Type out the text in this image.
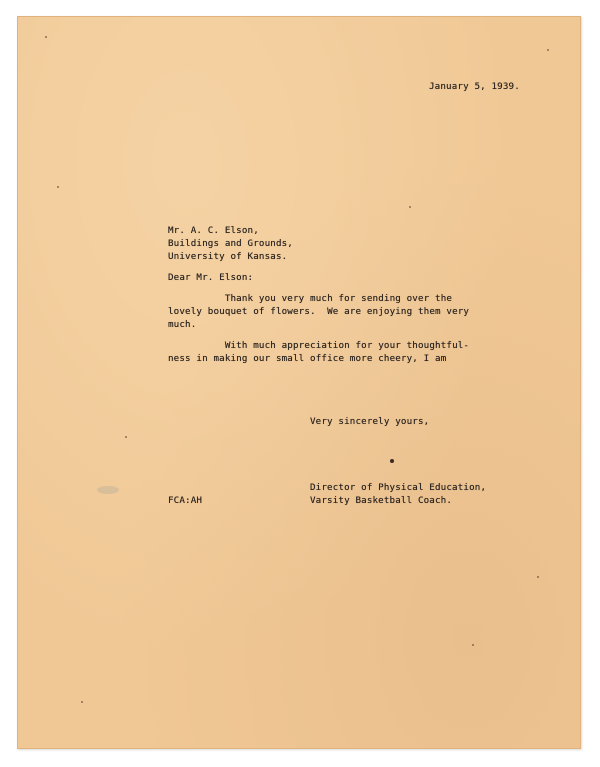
January 5, 1939.
Mr. A. C. Elson,
Buildings and Grounds,
University of Kansas.
Dear Mr. Elson:
Thank you very much for sending over the
lovely bouquet of flowers.  We are enjoying them very
much.
With much appreciation for your thoughtful-
ness in making our small office more cheery, I am
Very sincerely yours,
Director of Physical Education,
Varsity Basketball Coach.
FCA:AH
